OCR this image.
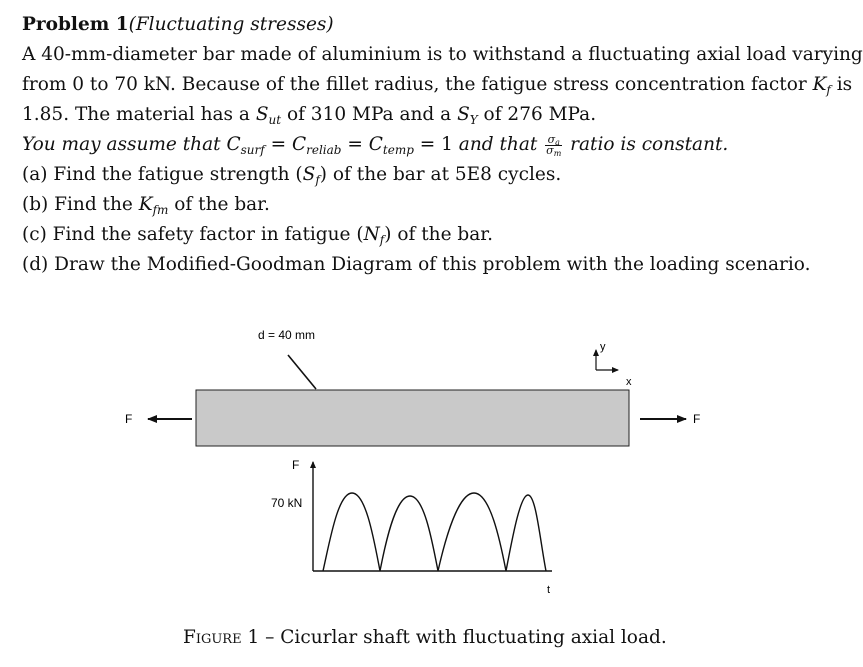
Problem 1(Fluctuating stresses)
A 40-mm-diameter bar made of aluminium is to withstand a fluctuating axial load varying
from 0 to 70 kN. Because of the fillet radius, the fatigue stress concentration factor $K_f$ is
1.85. The material has a $S_{ut}$ of 310 MPa and a $S_Y$ of 276 MPa.
You may assume that $C_{surf} = C_{reliab} = C_{temp} = 1$ and that $\frac{\sigma_a}{\sigma_m}$ ratio is constant.
(a) Find the fatigue strength $(S_f)$ of the bar at 5E8 cycles.
(b) Find the $K_{fm}$ of the bar.
(c) Find the safety factor in fatigue $(N_f)$ of the bar.
(d) Draw the Modified-Goodman Diagram of this problem with the loading scenario.
d = 40 mm
F	F
y
x
F
70 kN
t
Figure 1 – Cicurlar shaft with fluctuating axial load.
